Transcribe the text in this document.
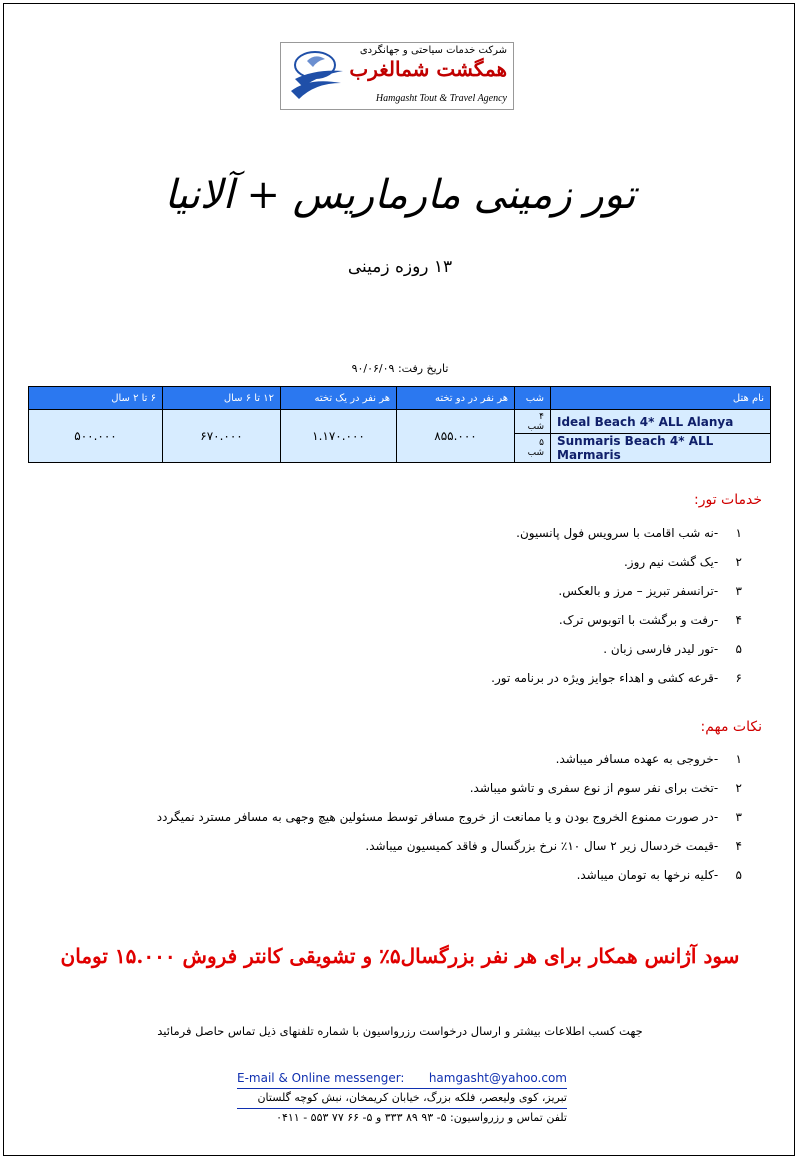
شرکت خدمات سیاحتی و جهانگردی
همگشت شمالغرب
Hamgasht Tout & Travel Agency
تور زمینی مارماریس + آلانیا
۱۳ روزه زمینی
تاریخ رفت: ۹۰/۰۶/۰۹
نام هتل	شب	هر نفر در دو تخته	هر نفر در یک تخته	۱۲ تا ۶ سال	۶ تا ۲ سال
Ideal Beach 4* ALL Alanya	۴ شب	۸۵۵.۰۰۰	۱.۱۷۰.۰۰۰	۶۷۰.۰۰۰	۵۰۰.۰۰۰
Sunmaris Beach 4* ALL Marmaris	۵ شب				
خدمات تور:
۱ -نه شب اقامت با سرویس فول پانسیون.
۲ -یک گشت نیم روز.
۳ -ترانسفر تبریز – مرز و بالعکس.
۴ -رفت و برگشت با اتوبوس ترک.
۵ -تور لیدر فارسی زبان .
۶ -قرعه کشی و اهداء جوایز ویژه در برنامه تور.
نکات مهم:
۱ -خروجی به عهده مسافر میباشد.
۲ -تخت برای نفر سوم از نوع سفری و تاشو میباشد.
۳ -در صورت ممنوع الخروج بودن و یا ممانعت از خروج مسافر توسط مسئولین هیچ وجهی به مسافر مسترد نمیگردد
۴ -قیمت خردسال زیر ۲ سال ۱۰٪ نرخ بزرگسال و فاقد کمیسیون میباشد.
۵ -کلیه نرخها به تومان میباشد.
سود آژانس همکار برای هر نفر بزرگسال۵٪ و تشویقی کانتر فروش ۱۵.۰۰۰ تومان
جهت کسب اطلاعات بیشتر و ارسال درخواست رزرواسیون با شماره تلفنهای ذیل تماس حاصل فرمائید
E-mail & Online messenger: hamgasht@yahoo.com
تبریز، کوی ولیعصر، فلکه بزرگ، خیابان کریمخان، نبش کوچه گلستان
تلفن تماس و رزرواسیون: ۵- ۹۳ ۸۹ ۳۳۳ و ۵- ۶۶ ۷۷ ۵۵۳ - ۰۴۱۱
